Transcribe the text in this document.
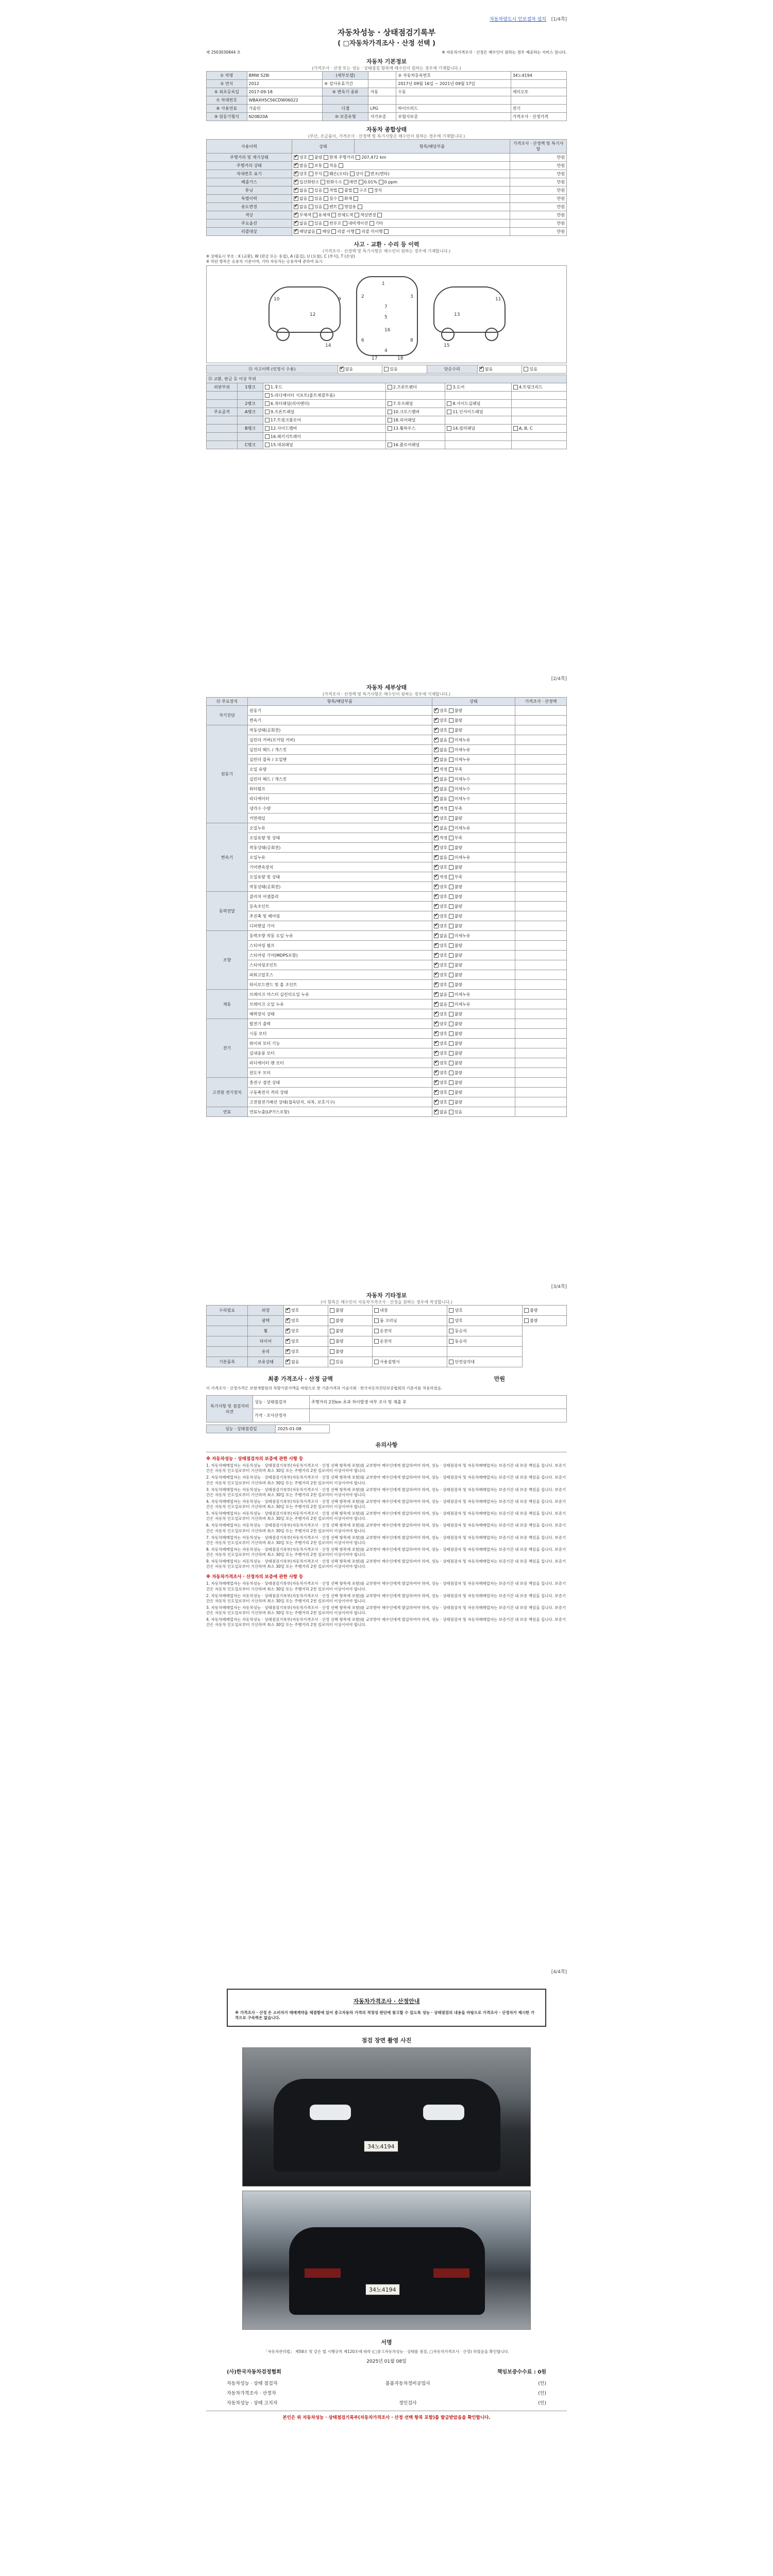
자동차양도시 인보절차 설치 [1/4쪽]
자동차성능 · 상태점검기록부
( □자동차가격조사 · 산정 선택 )
제 2503030844 호	※ 자동차가격조사 · 산정은 매수인이 원하는 경우 제공하는 서비스 임니다.
자동차 기본정보
(가격조사 · 산정 또는 성능 · 상태점검 항목에 매수인이 원하는 경우에 기재합니다.)
① 차명	BMW 528i	(세부모델)		② 자동차등록번호	34노4194
③ 연식	2012	④ 검사유효기간		2017년 09월 16일 ~ 2021년 09월 17일	
⑤ 최초등록일	2017-09-18	⑥ 변속기 종류	자동	수동	세미오토
⑦ 차대번호	WBAXH5C56CDW06022				
⑧ 사용연료	가솔린	디젤	LPG	하이브리드	전기
⑨ 원동기형식	N20B20A	⑩ 보증유형	자가보증	보험사보증	가격조사 · 산정가격
자동차 종합상태
(부산, 조금품이, 가격조사 · 산정액 및 특기사항은 매수인이 원하는 경우에 기재합니다.)
사용이력	상태	항목/해당부품	가격조사 · 산정액 및 특기사항
주행거리 및 계기상태	✔양호 불량 현재 주행거리 207,472 km		만원
주행거리 상태	✔많음 보통 적음		만원
차대번호 표기	✔양호 부식 훼손(오타) 상이 변조(변타)		만원
배출가스	✔일산화탄소 탄화수소 매연 0.01% 0 ppm		만원
튜닝	✔없음 있음 적법 불법 구조 장치		만원
특별이력	✔없음 있음 침수 화재		만원
용도변경	✔없음 있음 렌트 영업용		만원
색상	✔무채색 유채색 전체도색 색상변경		만원
주요옵션	✔없음 있음 썬루프 내비게이션 기타		만원
리콜대상	✔해당없음 해당 리콜 이행 리콜 미이행		만원
사고 · 교환 · 수리 등 이력
(가격조사 · 산정액 및 특기사항은 매수인이 원하는 경우에 기재합니다.)
※ 상태표시 부호 : X (교환), W (판금 또는 용접), A (흠집), U (요철), C (부식), T (손상)
※ 하단 항목은 승용차 기준이며, 기타 자동차는 승용차에 준하여 표시
1
2	3
4
5
6
7
8
9
10	11
12	13
14	15
16
17	18
⑪ 사고이력 (인정시 수용)	✔없음	있음	단순수리	✔없음	있음
⑫ 교환, 판금 등 이상 부위					
외판부위	1랭크	1.후드	2.프론트펜더	3.도어	4.트렁크리드
		5.라디에이터 서포트(볼트체결부품)			
	2랭크	6.쿼터패널(리어펜더)	7.루프패널	8.사이드실패널	
주요골격	A랭크	9.프론트패널	10.크로스멤버	11.인사이드패널	
		17.트렁크플로어	18.리어패널		
	B랭크	12.사이드멤버	13.휠하우스	14.필러패널	A, B, C
		16.패키지트레이			
	C랭크	15.대쉬패널	16.플로어패널		
[2/4쪽]
자동차 세부상태
(가격조사 · 산정액 및 특기사항은 매수인이 원하는 경우에 기재합니다.)
⑬ 주요장치	항목/해당부품	상태	가격조사 · 산정액
자기진단	원동기	✔양호 불량	
	변속기	✔양호 불량	
원동기	작동상태(공회전)	✔양호 불량	
	실린더 커버(로커암 커버)	✔없음 미세누유	
	실린더 헤드 / 개스킷	✔없음 미세누유	
	실린더 블록 / 오일팬	✔없음 미세누유	
	오일 유량	✔적정 부족	
	실린더 헤드 / 개스킷	✔없음 미세누수	
	워터펌프	✔없음 미세누수	
	라디에이터	✔없음 미세누수	
	냉각수 수량	✔적정 부족	
	커먼레일	✔양호 불량	
변속기	오일누유	✔없음 미세누유	
	오일유량 및 상태	✔적정 부족	
	작동상태(공회전)	✔양호 불량	
	오일누유	✔없음 미세누유	
	기어변속장치	✔양호 불량	
	오일유량 및 상태	✔적정 부족	
	작동상태(공회전)	✔양호 불량	
동력전달	클러치 어셈블리	✔양호 불량	
	등속조인트	✔양호 불량	
	추진축 및 베어링	✔양호 불량	
	디퍼렌셜 기어	✔양호 불량	
조향	동력조향 작동 오일 누유	✔없음 미세누유	
	스티어링 펌프	✔양호 불량	
	스티어링 기어(MDPS포함)	✔양호 불량	
	스티어링조인트	✔양호 불량	
	파워고압호스	✔양호 불량	
	타이로드엔드 및 볼 조인트	✔양호 불량	
제동	브레이크 마스터 실린더오일 누유	✔없음 미세누유	
	브레이크 오일 누유	✔없음 미세누유	
	배력장치 상태	✔양호 불량	
전기	발전기 출력	✔양호 불량	
	시동 모터	✔양호 불량	
	와이퍼 모터 기능	✔양호 불량	
	실내송풍 모터	✔양호 불량	
	라디에이터 팬 모터	✔양호 불량	
	윈도우 모터	✔양호 불량	
고전원 전기장치	충전구 절연 상태	✔양호 불량	
	구동축전지 격리 상태	✔양호 불량	
	고전원전기배선 상태(접속단자, 피복, 보호기구)	✔양호 불량	
연료	연료누출(LP가스포함)	✔없음 있음	
[3/4쪽]
자동차 기타정보
(이 항목은 매수인이 자동차가격조사 · 산정을 원하는 경우에 작성합니다.)
수리필요	외장	✔양호	불량	내장	양호	불량
	광택	✔양호	불량	룸 크리닝	양호	불량
	휠	✔양호	불량	운전석	동승석	
	타이어	✔양호	불량	운전석	동승석	
	유리	✔양호	불량			
기본품목	보유상태	✔없음	있음	사용설명서	안전삼각대	
최종 가격조사 · 산정 금액	만원
이 가격조사 · 산정가격은 보험개발원의 차량기준가액을 바탕으로 한 기준가격과 기술사회 · 한국자동차진단보증협회의 기준서를 적용하였음.
특기사항 및 점검자의 의견	성능 · 상태점검자	주행거리 2천km 초과 차이발생 여부 조사 및 제출 후
	가격 · 조사산정자	
성능 · 상태점검일	2025-01-08
유의사항
※ 자동차성능 · 상태점검자의 보증에 관한 사항 등
1. 자동차매매업자는 자동차성능 · 상태점검기록부(자동차가격조사 · 산정 선택 항목에 포함)를 교부받아 매수인에게 발급하여야 하며, 성능 · 상태점검자 및 자동차매매업자는 보증기간 내 보증 책임을 집니다. 보증기간은 자동차 인도일로부터 기산하며 최소 30일 또는 주행거리 2천 킬로미터 이상이어야 합니다.
2. 자동차매매업자는 자동차성능 · 상태점검기록부(자동차가격조사 · 산정 선택 항목에 포함)를 교부받아 매수인에게 발급하여야 하며, 성능 · 상태점검자 및 자동차매매업자는 보증기간 내 보증 책임을 집니다. 보증기간은 자동차 인도일로부터 기산하며 최소 30일 또는 주행거리 2천 킬로미터 이상이어야 합니다.
3. 자동차매매업자는 자동차성능 · 상태점검기록부(자동차가격조사 · 산정 선택 항목에 포함)를 교부받아 매수인에게 발급하여야 하며, 성능 · 상태점검자 및 자동차매매업자는 보증기간 내 보증 책임을 집니다. 보증기간은 자동차 인도일로부터 기산하며 최소 30일 또는 주행거리 2천 킬로미터 이상이어야 합니다.
4. 자동차매매업자는 자동차성능 · 상태점검기록부(자동차가격조사 · 산정 선택 항목에 포함)를 교부받아 매수인에게 발급하여야 하며, 성능 · 상태점검자 및 자동차매매업자는 보증기간 내 보증 책임을 집니다. 보증기간은 자동차 인도일로부터 기산하며 최소 30일 또는 주행거리 2천 킬로미터 이상이어야 합니다.
5. 자동차매매업자는 자동차성능 · 상태점검기록부(자동차가격조사 · 산정 선택 항목에 포함)를 교부받아 매수인에게 발급하여야 하며, 성능 · 상태점검자 및 자동차매매업자는 보증기간 내 보증 책임을 집니다. 보증기간은 자동차 인도일로부터 기산하며 최소 30일 또는 주행거리 2천 킬로미터 이상이어야 합니다.
6. 자동차매매업자는 자동차성능 · 상태점검기록부(자동차가격조사 · 산정 선택 항목에 포함)를 교부받아 매수인에게 발급하여야 하며, 성능 · 상태점검자 및 자동차매매업자는 보증기간 내 보증 책임을 집니다. 보증기간은 자동차 인도일로부터 기산하며 최소 30일 또는 주행거리 2천 킬로미터 이상이어야 합니다.
7. 자동차매매업자는 자동차성능 · 상태점검기록부(자동차가격조사 · 산정 선택 항목에 포함)를 교부받아 매수인에게 발급하여야 하며, 성능 · 상태점검자 및 자동차매매업자는 보증기간 내 보증 책임을 집니다. 보증기간은 자동차 인도일로부터 기산하며 최소 30일 또는 주행거리 2천 킬로미터 이상이어야 합니다.
8. 자동차매매업자는 자동차성능 · 상태점검기록부(자동차가격조사 · 산정 선택 항목에 포함)를 교부받아 매수인에게 발급하여야 하며, 성능 · 상태점검자 및 자동차매매업자는 보증기간 내 보증 책임을 집니다. 보증기간은 자동차 인도일로부터 기산하며 최소 30일 또는 주행거리 2천 킬로미터 이상이어야 합니다.
9. 자동차매매업자는 자동차성능 · 상태점검기록부(자동차가격조사 · 산정 선택 항목에 포함)를 교부받아 매수인에게 발급하여야 하며, 성능 · 상태점검자 및 자동차매매업자는 보증기간 내 보증 책임을 집니다. 보증기간은 자동차 인도일로부터 기산하며 최소 30일 또는 주행거리 2천 킬로미터 이상이어야 합니다.
※ 자동차가격조사 · 산정자의 보증에 관한 사항 등
1. 자동차매매업자는 자동차성능 · 상태점검기록부(자동차가격조사 · 산정 선택 항목에 포함)를 교부받아 매수인에게 발급하여야 하며, 성능 · 상태점검자 및 자동차매매업자는 보증기간 내 보증 책임을 집니다. 보증기간은 자동차 인도일로부터 기산하며 최소 30일 또는 주행거리 2천 킬로미터 이상이어야 합니다.
2. 자동차매매업자는 자동차성능 · 상태점검기록부(자동차가격조사 · 산정 선택 항목에 포함)를 교부받아 매수인에게 발급하여야 하며, 성능 · 상태점검자 및 자동차매매업자는 보증기간 내 보증 책임을 집니다. 보증기간은 자동차 인도일로부터 기산하며 최소 30일 또는 주행거리 2천 킬로미터 이상이어야 합니다.
3. 자동차매매업자는 자동차성능 · 상태점검기록부(자동차가격조사 · 산정 선택 항목에 포함)를 교부받아 매수인에게 발급하여야 하며, 성능 · 상태점검자 및 자동차매매업자는 보증기간 내 보증 책임을 집니다. 보증기간은 자동차 인도일로부터 기산하며 최소 30일 또는 주행거리 2천 킬로미터 이상이어야 합니다.
4. 자동차매매업자는 자동차성능 · 상태점검기록부(자동차가격조사 · 산정 선택 항목에 포함)를 교부받아 매수인에게 발급하여야 하며, 성능 · 상태점검자 및 자동차매매업자는 보증기간 내 보증 책임을 집니다. 보증기간은 자동차 인도일로부터 기산하며 최소 30일 또는 주행거리 2천 킬로미터 이상이어야 합니다.
[4/4쪽]
자동차가격조사 · 산정안내
※ 가격조사 · 산정 은 소비자가 매매계약을 체결함에 있어 중고자동차 가격의 적정성 판단에 참고할 수 있도록 성능 · 상태점검의 내용을 바탕으로 가격조사 · 산정자가 제시한 가격으로 구속력은 없습니다.
점검 장면 촬영 사진
34노4194
34노4194
서명
「자동차관리법」 제58조 및 같은 법 시행규칙 제120조에 따라 (□중고자동차성능 · 상태를 점검, □자동차가격조사 · 산정) 하였음을 확인합니다.
2025년 01월 08일
(사)한국자동차검정협회	책임보증수수료 : 0원
자동차성능 · 상태 점검자	봄봄자동차정비공업사	(인)
자동차가격조사 · 산정자	(인)
자동차성능 · 상태 고지자	경인검사	(인)
본인은 위 자동차성능 · 상태점검기록부(자동차가격조사 · 산정 선택 항목 포함)를 발급받았음을 확인합니다.
